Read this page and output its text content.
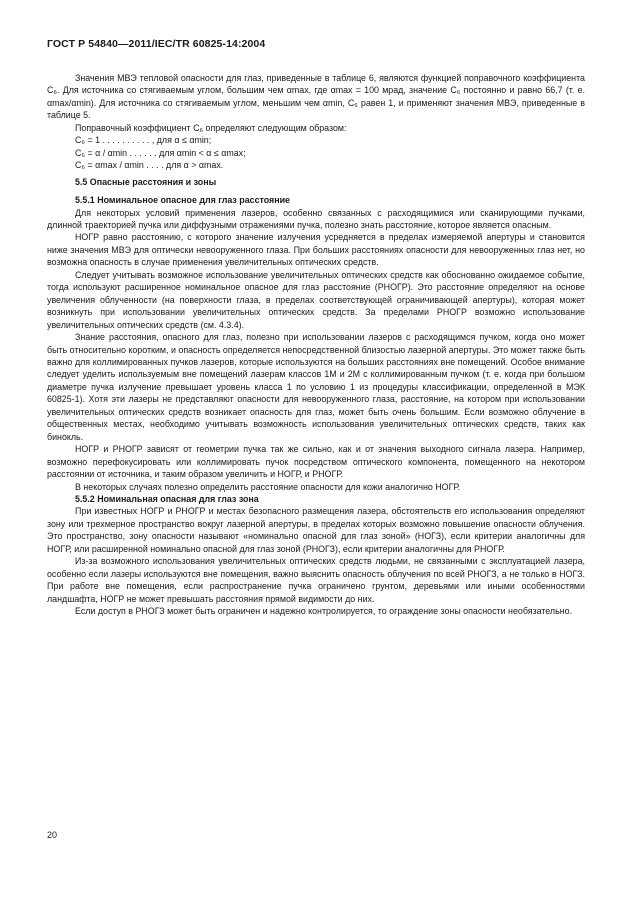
ГОСТ Р 54840—2011/IEC/TR 60825-14:2004

Значения МВЭ тепловой опасности для глаз, приведенные в таблице 6, являются функцией поправочного коэффициента C₆. Для источника со стягиваемым углом, большим чем αmax, где αmax = 100 мрад, значение C₆ постоянно и равно 66,7 (т. е. αmax/αmin). Для источника со стягиваемым углом, меньшим чем αmin, C₆ равен 1, и применяют значения МВЭ, приведенные в таблице 5.

Поправочный коэффициент C₆ определяют следующим образом:

C₆ = 1 . . . . . . . . . . , для α ≤ αmin;

C₆ = α / αmin . . . . . . для αmin < α ≤ αmax;

C₆ = αmax / αmin . . . . для α > αmax.

5.5 Опасные расстояния и зоны

5.5.1 Номинальное опасное для глаз расстояние

Для некоторых условий применения лазеров, особенно связанных с расходящимися или сканирующими пучками, длинной траекторией пучка или диффузными отражениями пучка, полезно знать расстояние, которое является опасным.

НОГР равно расстоянию, с которого значение излучения усредняется в пределах измеряемой апертуры и становится ниже значения МВЭ для оптически невооруженного глаза. При больших расстояниях опасности для невооруженных глаз нет, но возможна опасность в случае применения увеличительных оптических средств.

Следует учитывать возможное использование увеличительных оптических средств как обоснованно ожидаемое событие, тогда используют расширенное номинальное опасное для глаз расстояние (РНОГР). Это расстояние определяют на основе увеличения облученности (на поверхности глаза, в пределах соответствующей ограничивающей апертуры), которая может возникнуть при использовании увеличительных оптических средств. За пределами РНОГР возможно использование увеличительных оптических средств (см. 4.3.4).

Знание расстояния, опасного для глаз, полезно при использовании лазеров с расходящимся пучком, когда оно может быть относительно коротким, и опасность определяется непосредственной близостью лазерной апертуры. Это может также быть важно для коллимированных пучков лазеров, которые используются на больших расстояниях вне помещений. Особое внимание следует уделить используемым вне помещений лазерам классов 1M и 2M с коллимированным пучком (т. е. когда при большом диаметре пучка излучение превышает уровень класса 1 по условию 1 из процедуры классификации, определенной в МЭК 60825-1). Хотя эти лазеры не представляют опасности для невооруженного глаза, расстояние, на котором при использовании увеличительных оптических средств возникает опасность для глаз, может быть очень большим. Если возможно облучение в общественных местах, необходимо учитывать возможность использования увеличительных оптических средств, таких как бинокль.

НОГР и РНОГР зависят от геометрии пучка так же сильно, как и от значения выходного сигнала лазера. Например, возможно перефокусировать или коллимировать пучок посредством оптического компонента, помещенного на некотором расстоянии от источника, и таким образом увеличить и НОГР, и РНОГР.

В некоторых случаях полезно определить расстояние опасности для кожи аналогично НОГР.

5.5.2 Номинальная опасная для глаз зона

При известных НОГР и РНОГР и местах безопасного размещения лазера, обстоятельств его использования определяют зону или трехмерное пространство вокруг лазерной апертуры, в пределах которых возможно повышение опасности облучения. Это пространство, зону опасности называют «номинально опасной для глаз зоной» (НОГЗ), если критерии аналогичны для НОГР, или расширенной номинально опасной для глаз зоной (РНОГЗ), если критерии аналогичны для РНОГР.

Из-за возможного использования увеличительных оптических средств людьми, не связанными с эксплуатацией лазера, особенно если лазеры используются вне помещения, важно выяснить опасность облучения по всей РНОГЗ, а не только в НОГЗ. При работе вне помещения, если распространение пучка ограничено грунтом, деревьями или иными особенностями ландшафта, НОГР не может превышать расстояния прямой видимости до них.

Если доступ в РНОГЗ может быть ограничен и надежно контролируется, то ограждение зоны опасности необязательно.

20
